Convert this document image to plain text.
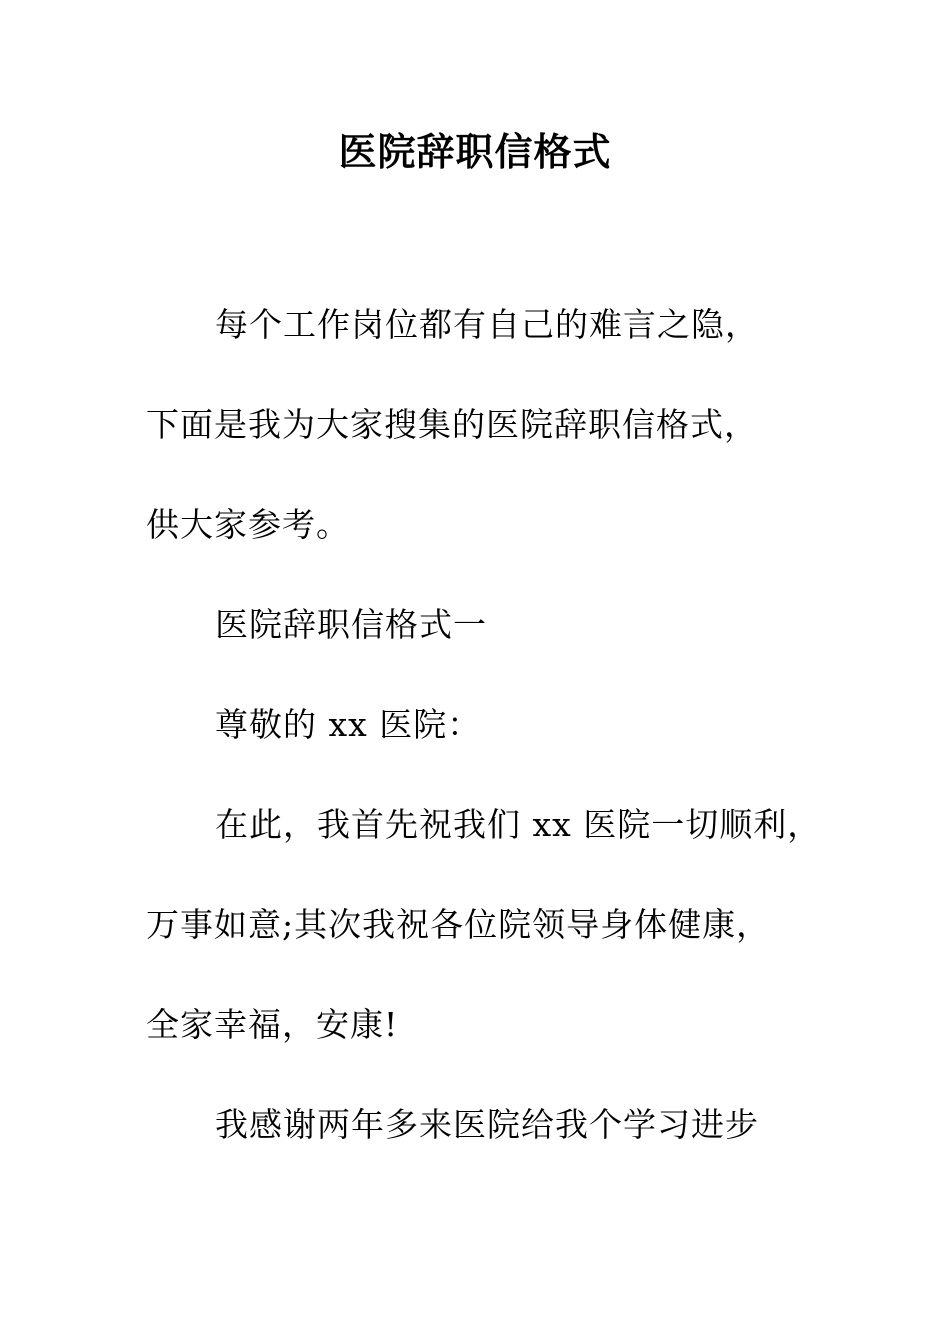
医院辞职信格式
每个工作岗位都有自己的难言之隐，
下面是我为大家搜集的医院辞职信格式，
供大家参考。
医院辞职信格式一
尊敬的 xx 医院：
在此，我首先祝我们 xx 医院一切顺利，
万事如意;其次我祝各位院领导身体健康，
全家幸福，安康!
我感谢两年多来医院给我个学习进步
